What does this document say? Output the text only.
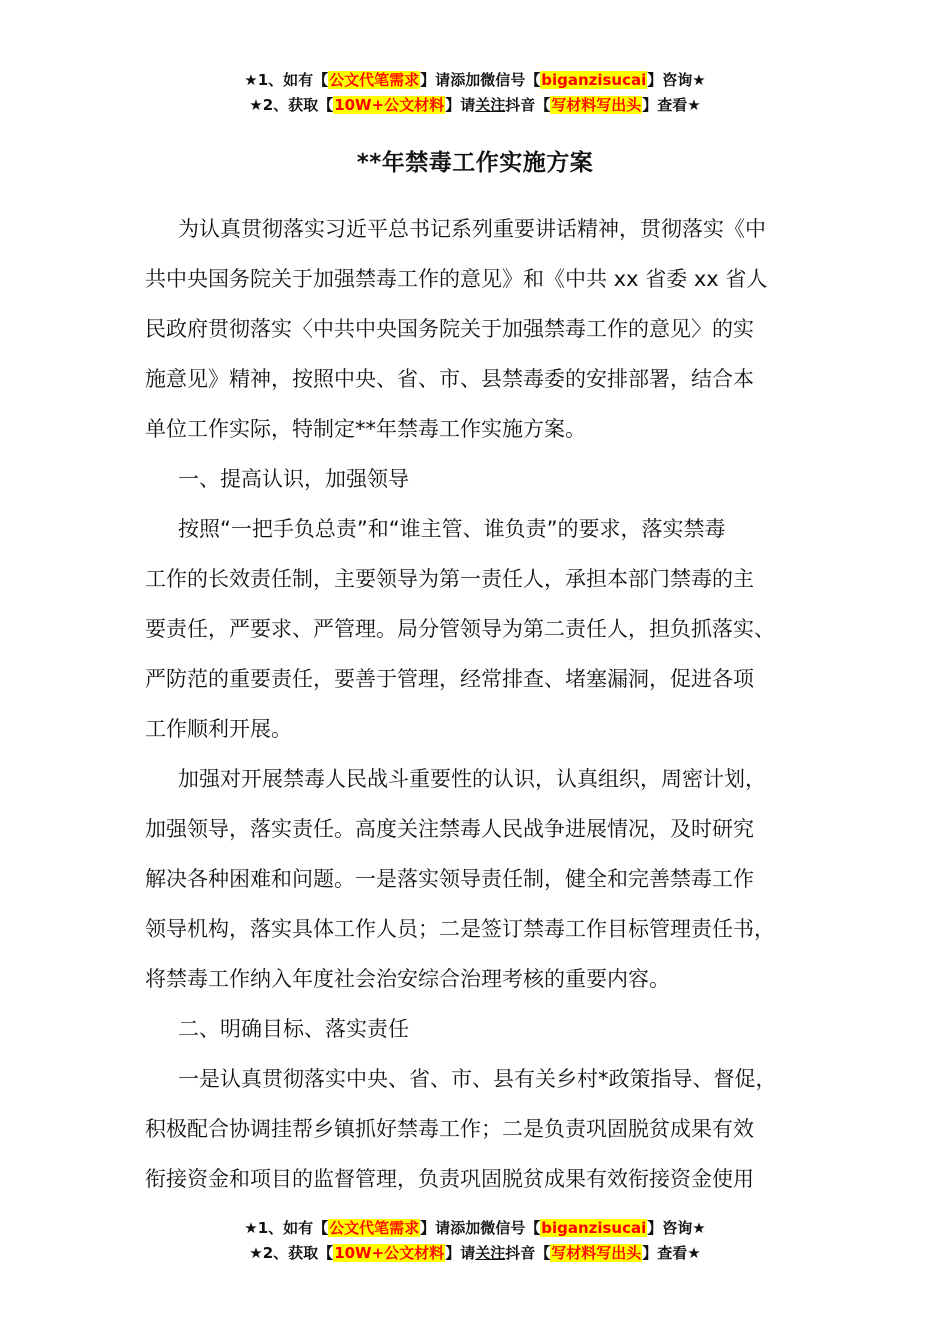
★1、如有【公文代笔需求】请添加微信号【biganzisucai】咨询★
★2、获取【10W+公文材料】请关注抖音【写材料写出头】查看★
**年禁毒工作实施方案
为认真贯彻落实习近平总书记系列重要讲话精神，贯彻落实《中
共中央国务院关于加强禁毒工作的意见》和《中共 xx 省委 xx 省人
民政府贯彻落实〈中共中央国务院关于加强禁毒工作的意见〉的实
施意见》精神，按照中央、省、市、县禁毒委的安排部署，结合本
单位工作实际，特制定**年禁毒工作实施方案。
一、提高认识，加强领导
按照“一把手负总责”和“谁主管、谁负责”的要求，落实禁毒
工作的长效责任制，主要领导为第一责任人，承担本部门禁毒的主
要责任，严要求、严管理。局分管领导为第二责任人，担负抓落实、
严防范的重要责任，要善于管理，经常排查、堵塞漏洞，促进各项
工作顺利开展。
加强对开展禁毒人民战斗重要性的认识，认真组织，周密计划，
加强领导，落实责任。高度关注禁毒人民战争进展情况，及时研究
解决各种困难和问题。一是落实领导责任制，健全和完善禁毒工作
领导机构，落实具体工作人员；二是签订禁毒工作目标管理责任书，
将禁毒工作纳入年度社会治安综合治理考核的重要内容。
二、明确目标、落实责任
一是认真贯彻落实中央、省、市、县有关乡村*政策指导、督促，
积极配合协调挂帮乡镇抓好禁毒工作；二是负责巩固脱贫成果有效
衔接资金和项目的监督管理，负责巩固脱贫成果有效衔接资金使用
★1、如有【公文代笔需求】请添加微信号【biganzisucai】咨询★
★2、获取【10W+公文材料】请关注抖音【写材料写出头】查看★
